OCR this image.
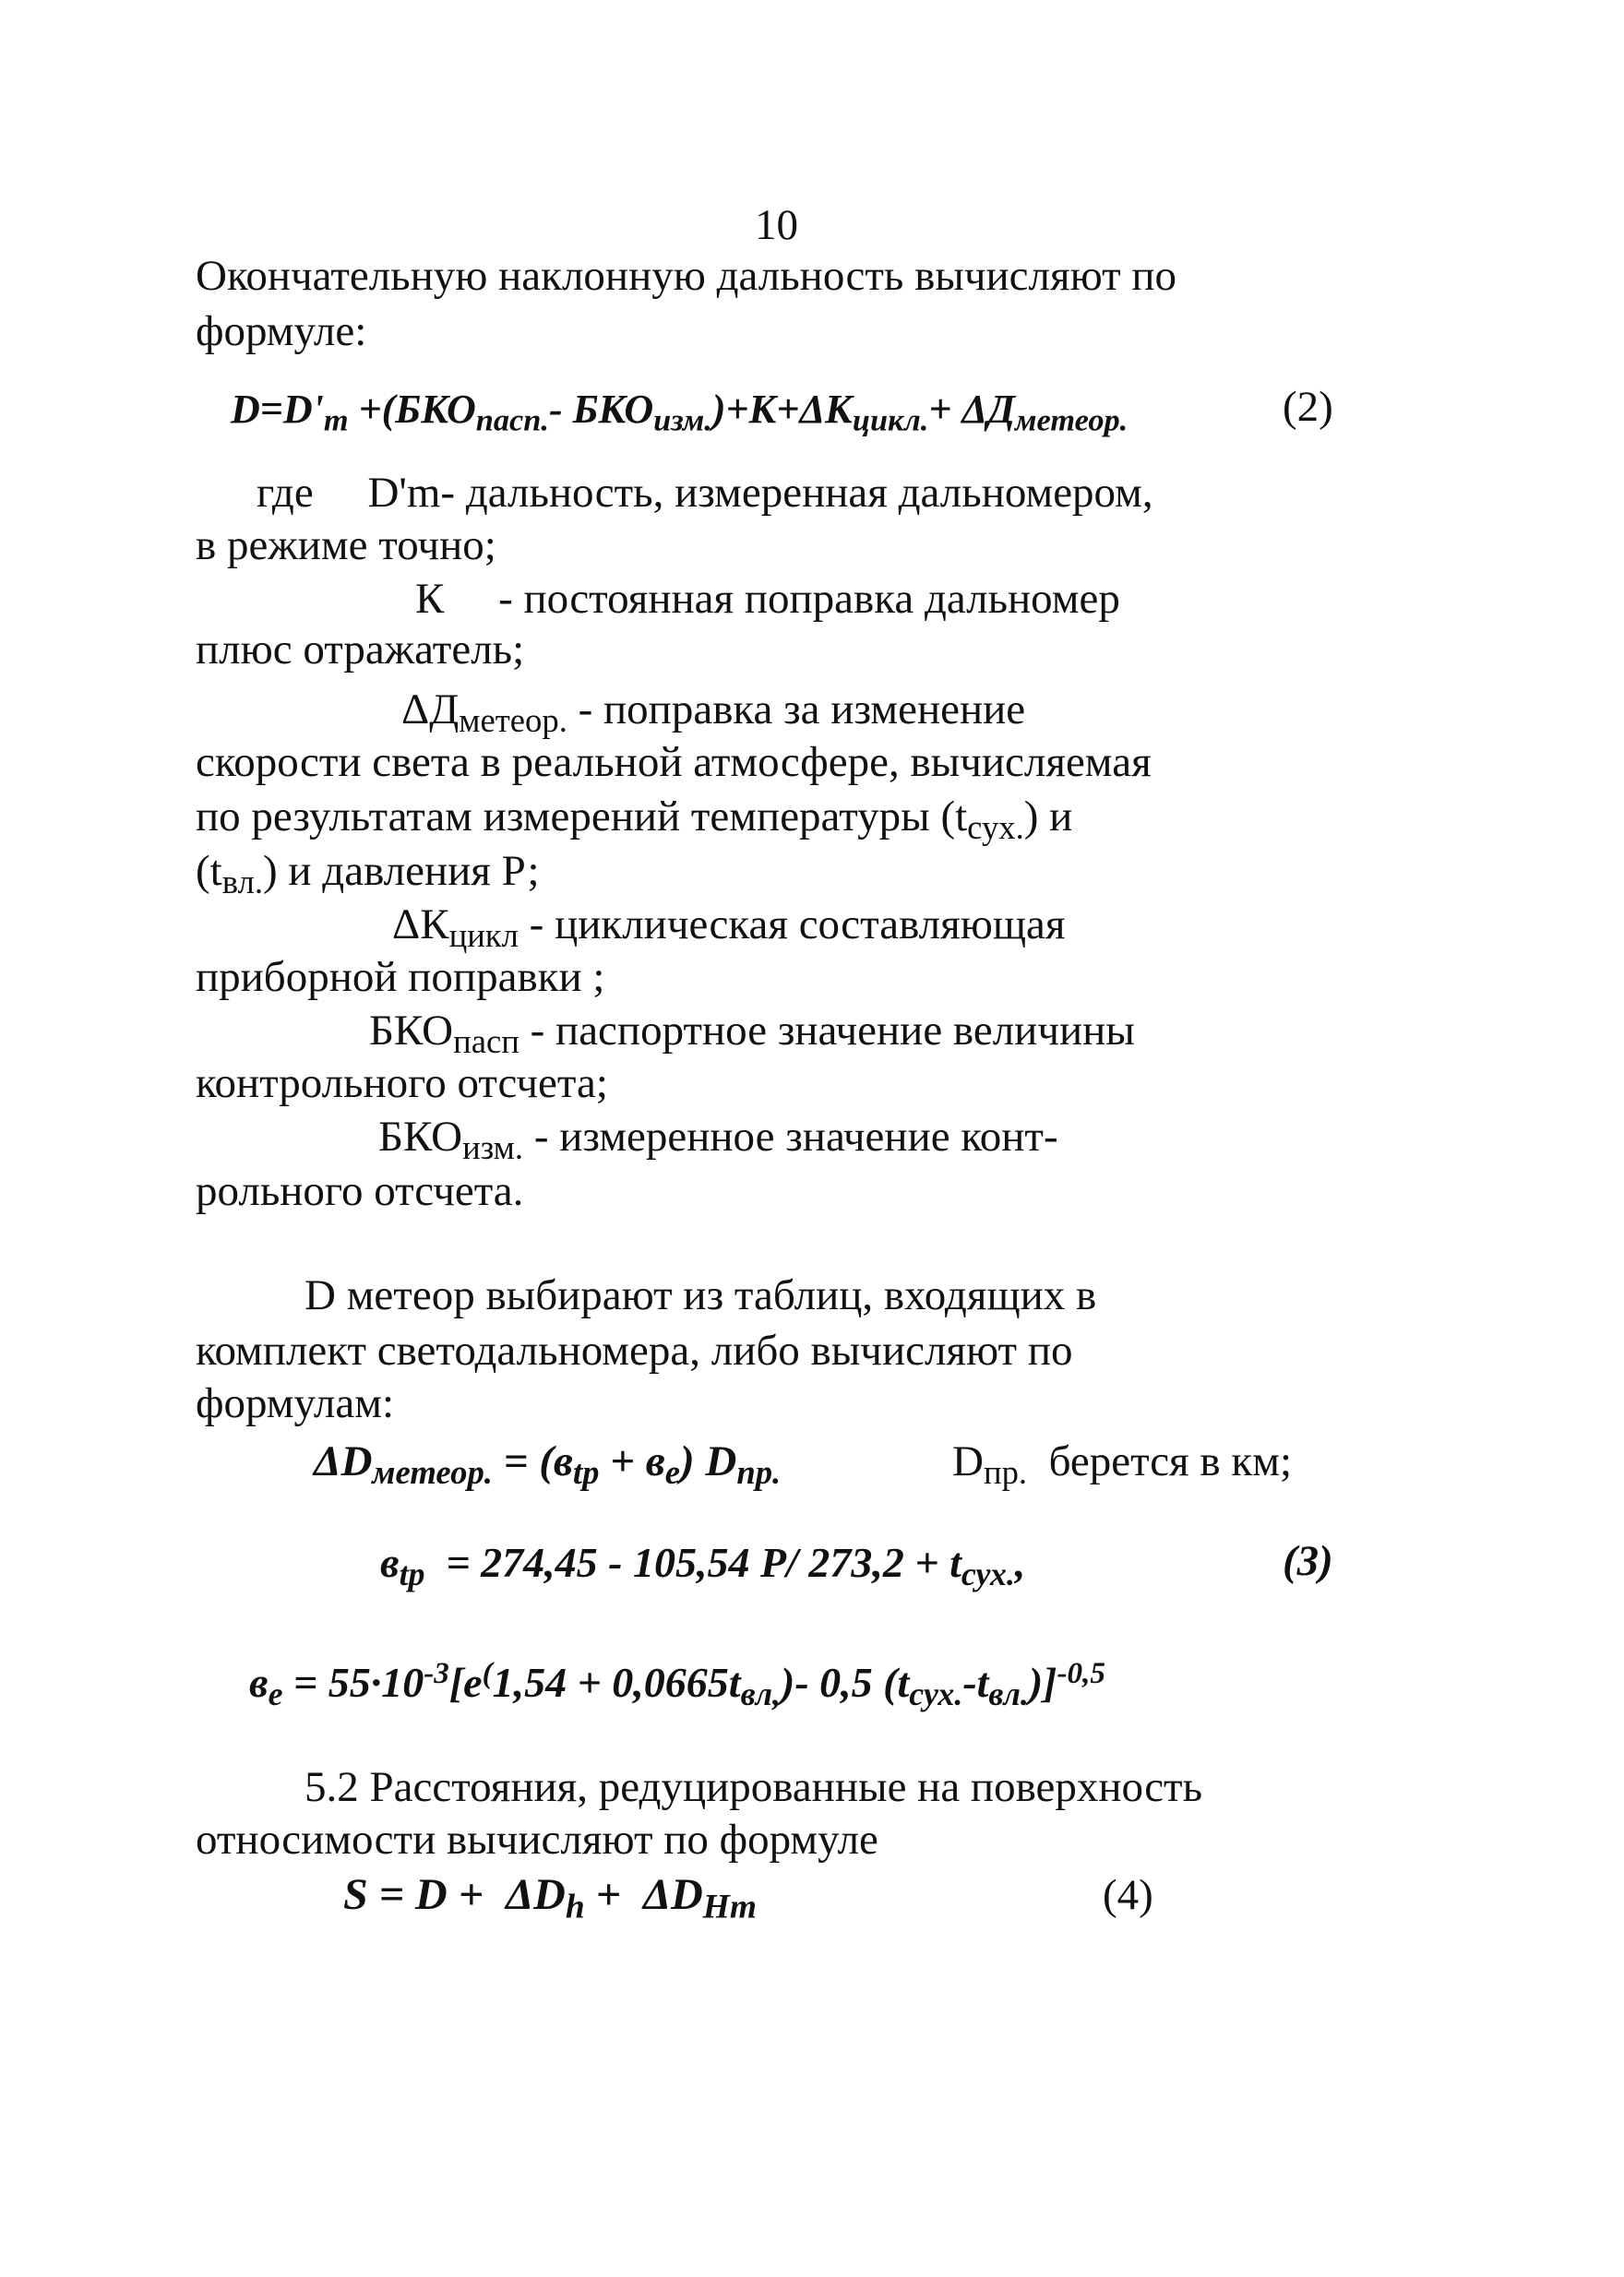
10
Окончательную наклонную дальность вычисляют по
формуле:
$D=D'_m +(БКО_{пасп.}-$ $БКО_{изм.})+К+\Delta К_{цикл.}+ \Delta Д_{метеор.}$	(2)
где     D'm- дальность, измеренная дальномером,
в режиме точно;
К     - постоянная поправка дальномер
плюс отражатель;
$\Delta Д_{метеор.}$ - поправка за изменение
скорости света в реальной атмосфере, вычисляемая
по результатам измерений температуры $(t_{сух.})$ и
$(t_{вл.})$ и давления Р;
$\Delta К_{цикл}$ - циклическая составляющая
приборной поправки ;
$БКО_{пасп}$ - паспортное значение величины
контрольного отсчета;
$БКО_{изм.}$ - измеренное значение конт-
рольного отсчета.
D метеор выбирают из таблиц, входящих в
комплект светодальномера, либо вычисляют по
формулам:
$\Delta D_{метеор.} = (в_{tp} + в_e)$ $D_{пр.}$	$D_{пр.}$  берется в км;
$в_{tp} = 274,45 - 105,54$ Р/ $273,2 + t_{сух.}$,	(3)
$в_e = 55\cdot 10^{-3}[e^(1,54 + 0,0665t_{вл,})-$ 0,5 $(t_{сух.}-t_{вл.})]^{-0,5}$
5.2 Расстояния, редуцированные на поверхность
относимости вычисляют по формуле
$S = D + \Delta D_h + \Delta D_{Hm}$	(4)
